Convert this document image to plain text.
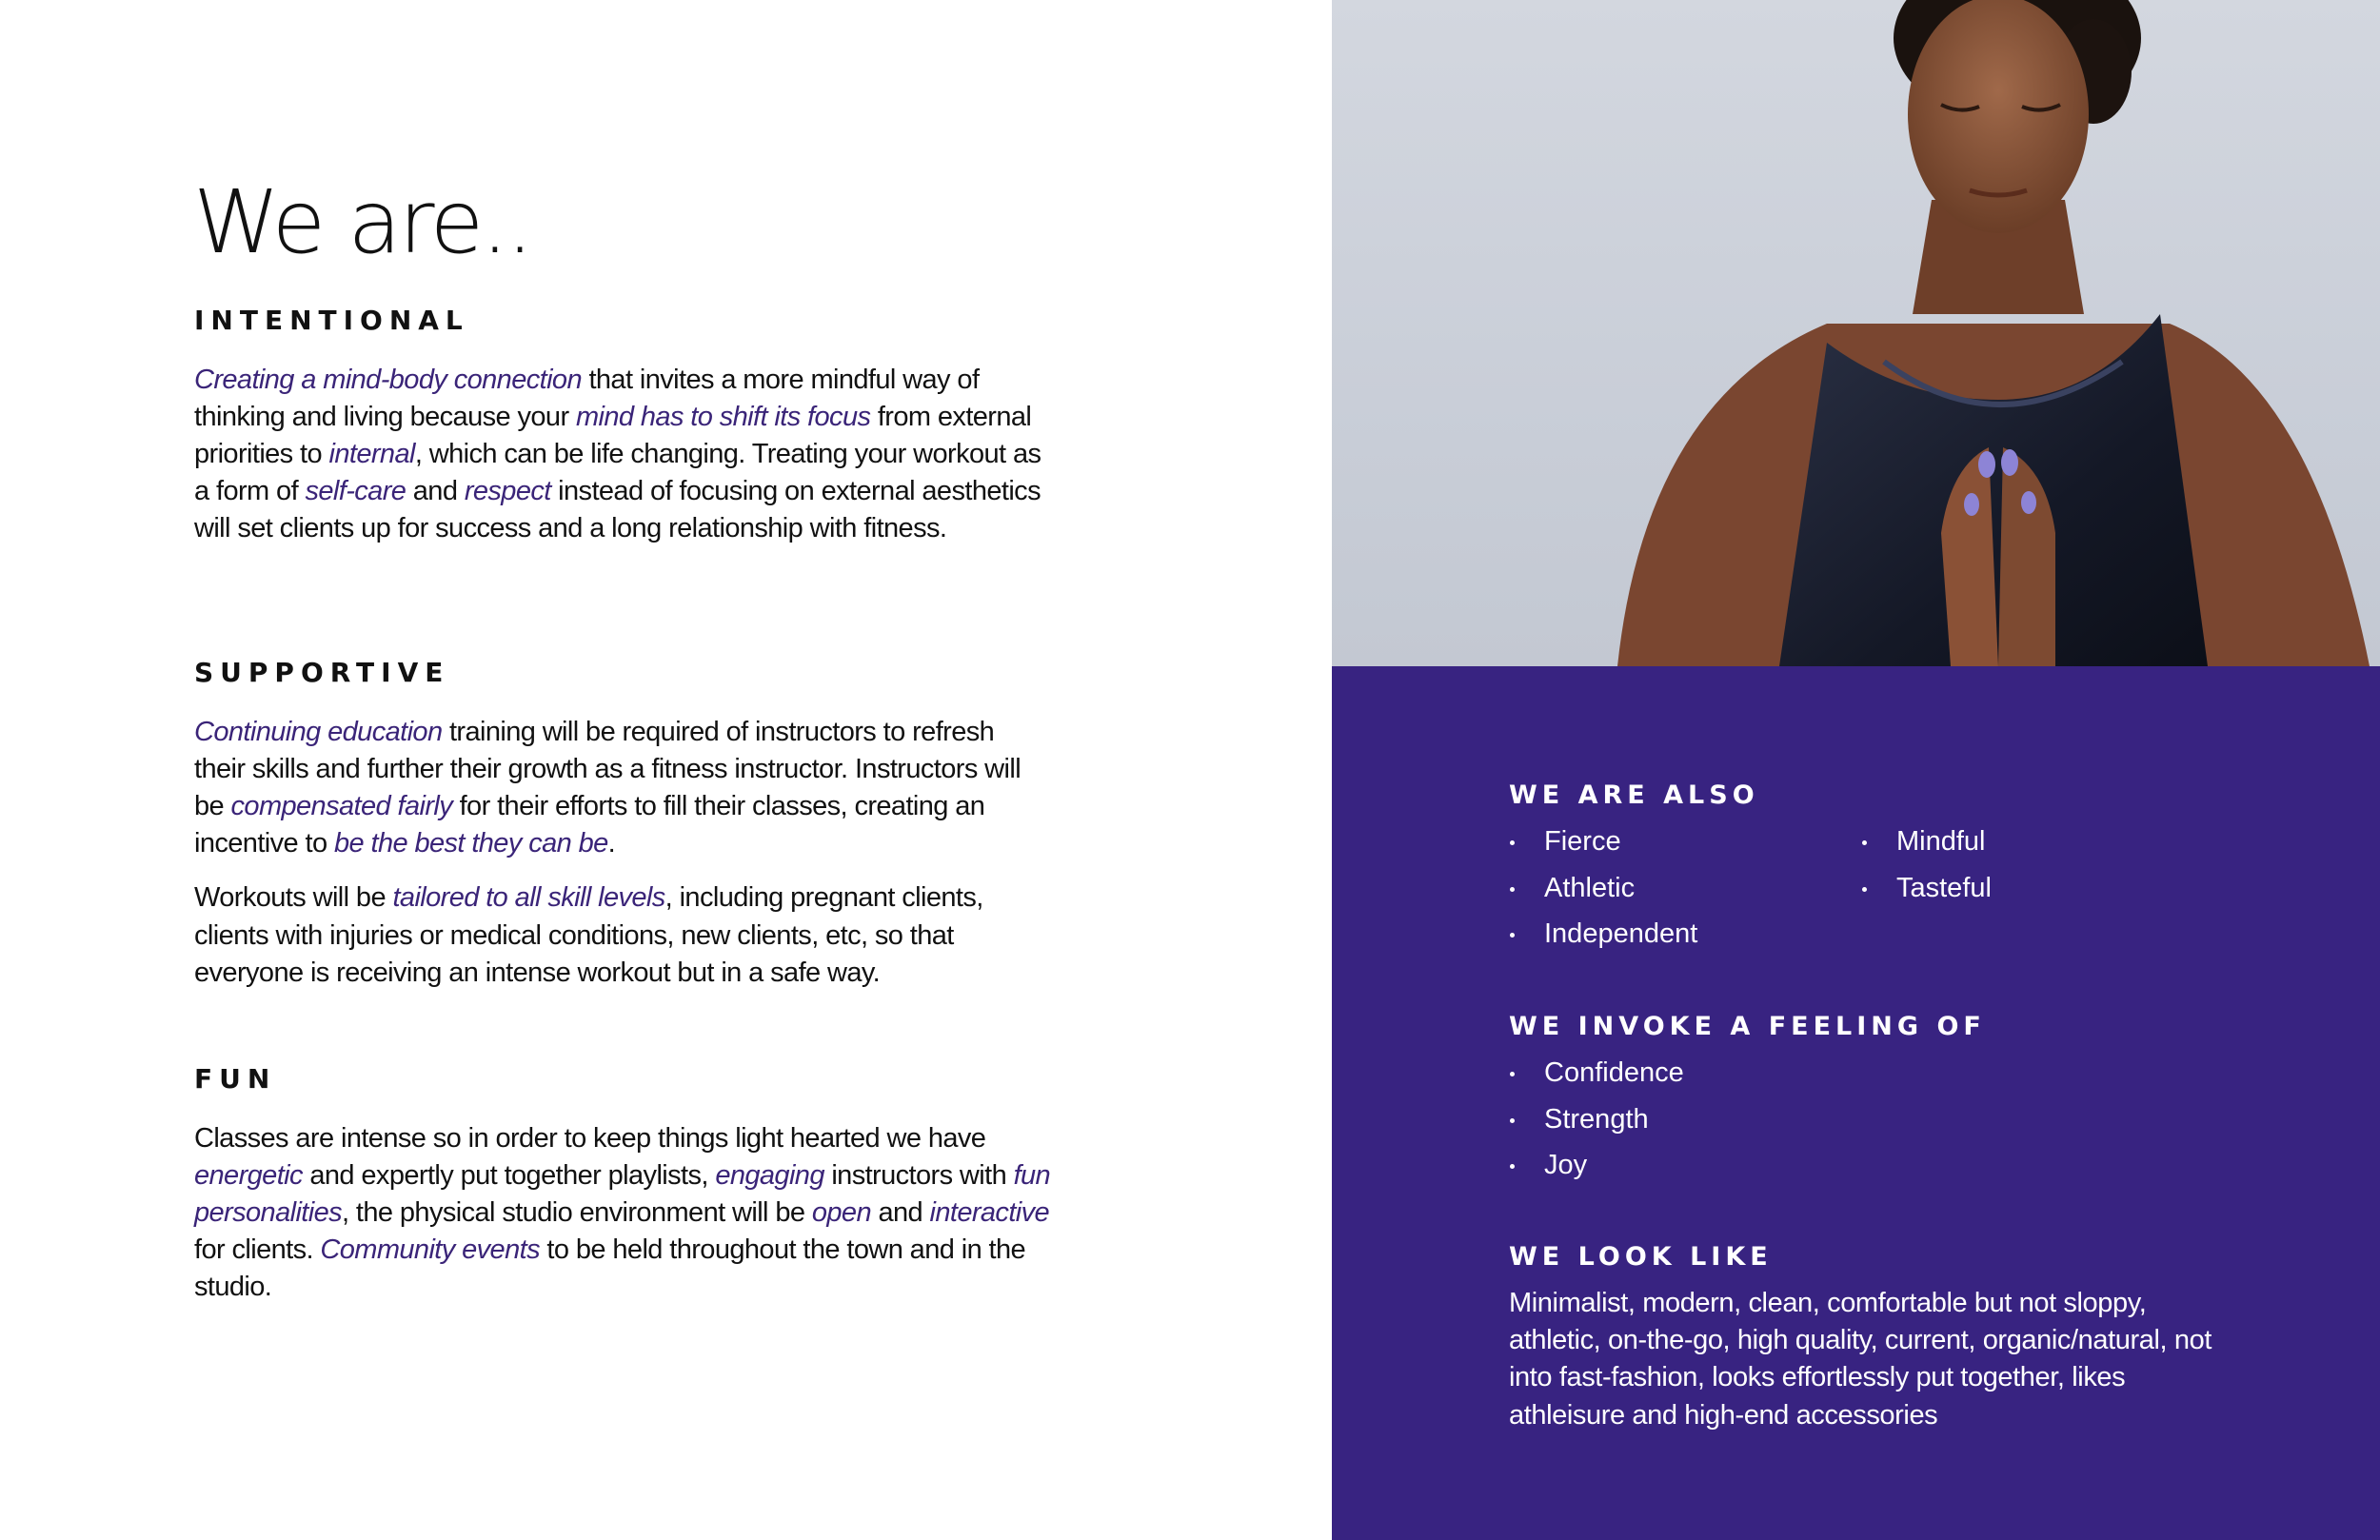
We are..
INTENTIONAL

Creating a mind-body connection that invites a more mindful way of thinking and living because your mind has to shift its focus from external priorities to internal, which can be life changing. Treating your workout as a form of self-care and respect instead of focusing on external aesthetics will set clients up for success and a long relationship with fitness.

SUPPORTIVE

Continuing education training will be required of instructors to refresh their skills and further their growth as a fitness instructor. Instructors will be compensated fairly for their efforts to fill their classes, creating an incentive to be the best they can be.

Workouts will be tailored to all skill levels, including pregnant clients, clients with injuries or medical conditions, new clients, etc, so that everyone is receiving an intense workout but in a safe way.

FUN

Classes are intense so in order to keep things light hearted we have energetic and expertly put together playlists, engaging instructors with fun personalities, the physical studio environment will be open and interactive for clients. Community events to be held throughout the town and in the studio.

WE ARE ALSO
Fierce
Athletic
Independent
Mindful
Tasteful
WE INVOKE A FEELING OF
Confidence
Strength
Joy
WE LOOK LIKE

Minimalist, modern, clean, comfortable but not sloppy, athletic, on-the-go, high quality, current, organic/natural, not into fast-fashion, looks effortlessly put together, likes athleisure and high-end accessories
